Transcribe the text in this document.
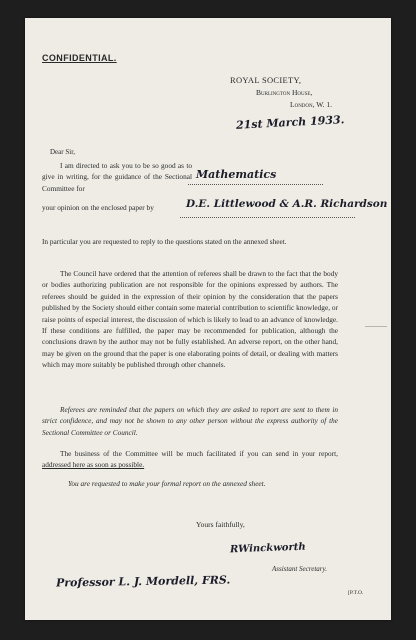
CONFIDENTIAL.

ROYAL SOCIETY,

Burlington House,

London, W. 1.

21st March 1933.

Dear Sir,

I am directed to ask you to be so good as to give in writing, for the guidance of the Sectional Committee for

Mathematics

your opinion on the enclosed paper by	D.E. Littlewood & A.R. Richardson

In particular you are requested to reply to the questions stated on the annexed sheet.

The Council have ordered that the attention of referees shall be drawn to the fact that the body or bodies authorizing publication are not responsible for the opinions expressed by authors. The referees should be guided in the expression of their opinion by the consideration that the papers published by the Society should either contain some material contribution to scientific knowledge, or raise points of especial interest, the discussion of which is likely to lead to an advance of knowledge. If these conditions are fulfilled, the paper may be recommended for publication, although the conclusions drawn by the author may not be fully established. An adverse report, on the other hand, may be given on the ground that the paper is one elaborating points of detail, or dealing with matters which may more suitably be published through other channels.

Referees are reminded that the papers on which they are asked to report are sent to them in strict confidence, and may not be shown to any other person without the express authority of the Sectional Committee or Council.

The business of the Committee will be much facilitated if you can send in your report, addressed here as soon as possible.

You are requested to make your formal report on the annexed sheet.

Yours faithfully,

RWinckworth

Assistant Secretary.

Professor L. J. Mordell, FRS.

[P.T.O.
